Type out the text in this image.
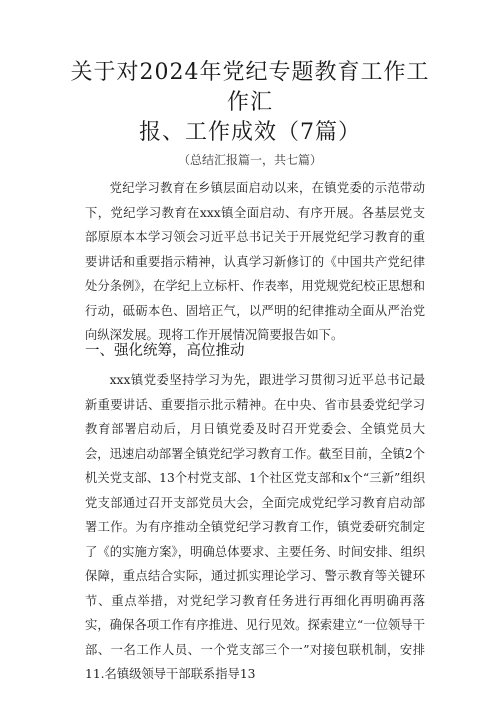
关于对2024年党纪专题教育工作工作汇
报、工作成效（7篇）
（总结汇报篇一，共七篇）
党纪学习教育在乡镇层面启动以来，在镇党委的示范带动下，党纪学习教育在xxx镇全面启动、有序开展。各基层党支部原原本本学习领会习近平总书记关于开展党纪学习教育的重要讲话和重要指示精神，认真学习新修订的《中国共产党纪律处分条例》，在学纪上立标杆、作表率，用党规党纪校正思想和行动，砥砺本色、固培正气，以严明的纪律推动全面从严治党向纵深发展。现将工作开展情况简要报告如下。
一、强化统筹，高位推动
xxx镇党委坚持学习为先，跟进学习贯彻习近平总书记最新重要讲话、重要指示批示精神。在中央、省市县委党纪学习教育部署启动后，月日镇党委及时召开党委会、全镇党员大会，迅速启动部署全镇党纪学习教育工作。截至目前，全镇2个机关党支部、13个村党支部、1个社区党支部和x个“三新”组织党支部通过召开支部党员大会，全面完成党纪学习教育启动部署工作。为有序推动全镇党纪学习教育工作，镇党委研究制定了《的实施方案》，明确总体要求、主要任务、时间安排、组织保障，重点结合实际，通过抓实理论学习、警示教育等关键环节、重点举措，对党纪学习教育任务进行再细化再明确再落实，确保各项工作有序推进、见行见效。探索建立“一位领导干部、一名工作人员、一个党支部三个一”对接包联机制，安排11.名镇级领导干部联系指导13
